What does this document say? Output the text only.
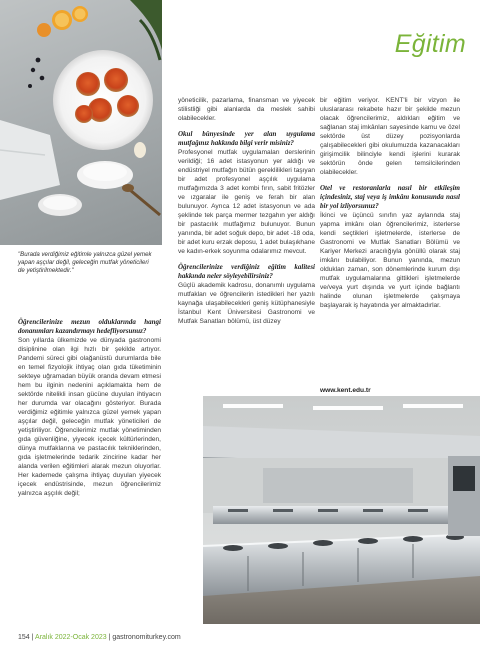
"Burada verdiğimiz eğitimle yalnızca güzel yemek yapan aşçılar değil, geleceğin mutfak yöneticileri de yetiştirilmektedir."
Eğitim

Öğrencilerinize mezun olduklarında hangi donanımları kazandırmayı hedefliyorsunuz?

Son yıllarda ülkemizde ve dünyada gastronomi disiplinine olan ilgi hızlı bir şekilde artıyor. Pandemi süreci gibi olağanüstü durumlarda bile en temel fizyolojik ihtiyaç olan gıda tüketiminin sekteye uğramadan büyük oranda devam etmesi hem bu ilginin nedenini açıklamakta hem de sektörde nitelikli insan gücüne duyulan ihtiyacın her durumda var olacağını gösteriyor. Burada verdiğimiz eğitimle yalnızca güzel yemek yapan aşçılar değil, geleceğin mutfak yöneticileri de yetiştiriliyor. Öğrencilerimiz mutfak yönetiminden gıda güvenliğine, yiyecek içecek kültürlerinden, dünya mutfaklarına ve pastacılık tekniklerinden, gıda işletmelerinde tedarik zincirine kadar her alanda verilen eğitimleri alarak mezun oluyorlar. Her kademede çalışma ihtiyaç duyulan yiyecek içecek endüstrisinde, mezun öğrencilerimiz yalnızca aşçılık değil;

yöneticilik, pazarlama, finansman ve yiyecek stilistliği gibi alanlarda da meslek sahibi olabilecekler.

Okul bünyesinde yer alan uygulama mutfağınız hakkında bilgi verir misiniz?

Profesyonel mutfak uygulamaları derslerinin verildiği; 16 adet istasyonun yer aldığı ve endüstriyel mutfağın bütün gereklilikleri taşıyan bir adet profesyonel aşçılık uygulama mutfağımızda 3 adet kombi fırın, sabit fritözler ve ızgaralar ile geniş ve ferah bir alan bulunuyor. Ayrıca 12 adet istasyonun ve ada şeklinde tek parça mermer tezgahın yer aldığı bir pastacılık mutfağımız bulunuyor. Bunun yanında, bir adet soğuk depo, bir adet -18 oda, bir adet kuru erzak deposu, 1 adet bulaşıkhane ve kadın-erkek soyunma odalarımız mevcut.

Öğrencilerinize verdiğiniz eğitim kalitesi hakkında neler söyleyebilirsiniz?

Güçlü akademik kadrosu, donanımlı uygulama mutfakları ve öğrencilerin istedikleri her yazılı kaynağa ulaşabilecekleri geniş kütüphanesiyle İstanbul Kent Üniversitesi Gastronomi ve Mutfak Sanatları bölümü, üst düzey

bir eğitim veriyor. KENT'li bir vizyon ile uluslararası rekabete hazır bir şekilde mezun olacak öğrencilerimiz, aldıkları eğitim ve sağlanan staj imkânları sayesinde kamu ve özel sektörde üst düzey pozisyonlarda çalışabilecekleri gibi okulumuzda kazanacakları girişimcilik bilinciyle kendi işlerini kurarak sektörün önde gelen temsilcilerinden olabilecekler.

Otel ve restoranlarla nasıl bir etkileşim içindesiniz, staj veya iş imkânı konusunda nasıl bir yol izliyorsunuz?

İkinci ve üçüncü sınıfın yaz aylarında staj yapma imkânı olan öğrencilerimiz, isterlerse kendi seçtikleri işletmelerde, isterlerse de Gastronomi ve Mutfak Sanatları Bölümü ve Kariyer Merkezi aracılığıyla gönüllü olarak staj imkânı bulabiliyor. Bunun yanında, mezun oldukları zaman, son dönemlerinde kurum dışı mutfak uygulamalarına gittikleri işletmelerde ve/veya yurt dışında ve yurt içinde bağlantı halinde olunan işletmelerde çalışmaya başlayarak iş hayatında yer almaktadırlar.

www.kent.edu.tr
154 | Aralık 2022-Ocak 2023 | gastronomiturkey.com
